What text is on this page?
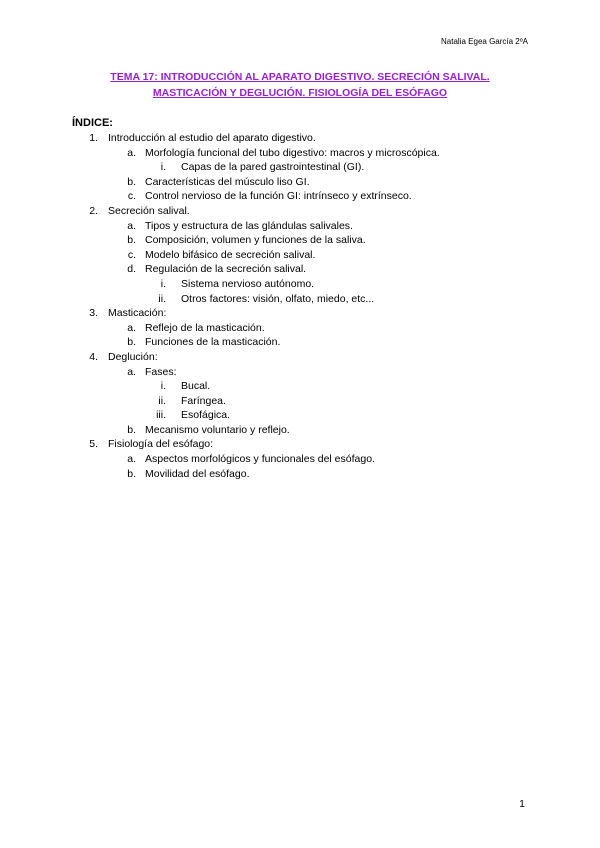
Natalia Egea García 2ºA
TEMA 17: INTRODUCCIÓN AL APARATO DIGESTIVO. SECRECIÓN SALIVAL.
MASTICACIÓN Y DEGLUCIÓN. FISIOLOGÍA DEL ESÓFAGO
ÍNDICE:
1. Introducción al estudio del aparato digestivo.
a. Morfología funcional del tubo digestivo: macros y microscópica.
i. Capas de la pared gastrointestinal (GI).
b. Características del músculo liso GI.
c. Control nervioso de la función GI: intrínseco y extrínseco.
2. Secreción salival.
a. Tipos y estructura de las glándulas salivales.
b. Composición, volumen y funciones de la saliva.
c. Modelo bifásico de secreción salival.
d. Regulación de la secreción salival.
i. Sistema nervioso autónomo.
ii. Otros factores: visión, olfato, miedo, etc...
3. Masticación:
a. Reflejo de la masticación.
b. Funciones de la masticación.
4. Deglución:
a. Fases:
i. Bucal.
ii. Faríngea.
iii. Esofágica.
b. Mecanismo voluntario y reflejo.
5. Fisiología del esófago:
a. Aspectos morfológicos y funcionales del esófago.
b. Movilidad del esófago.
1
